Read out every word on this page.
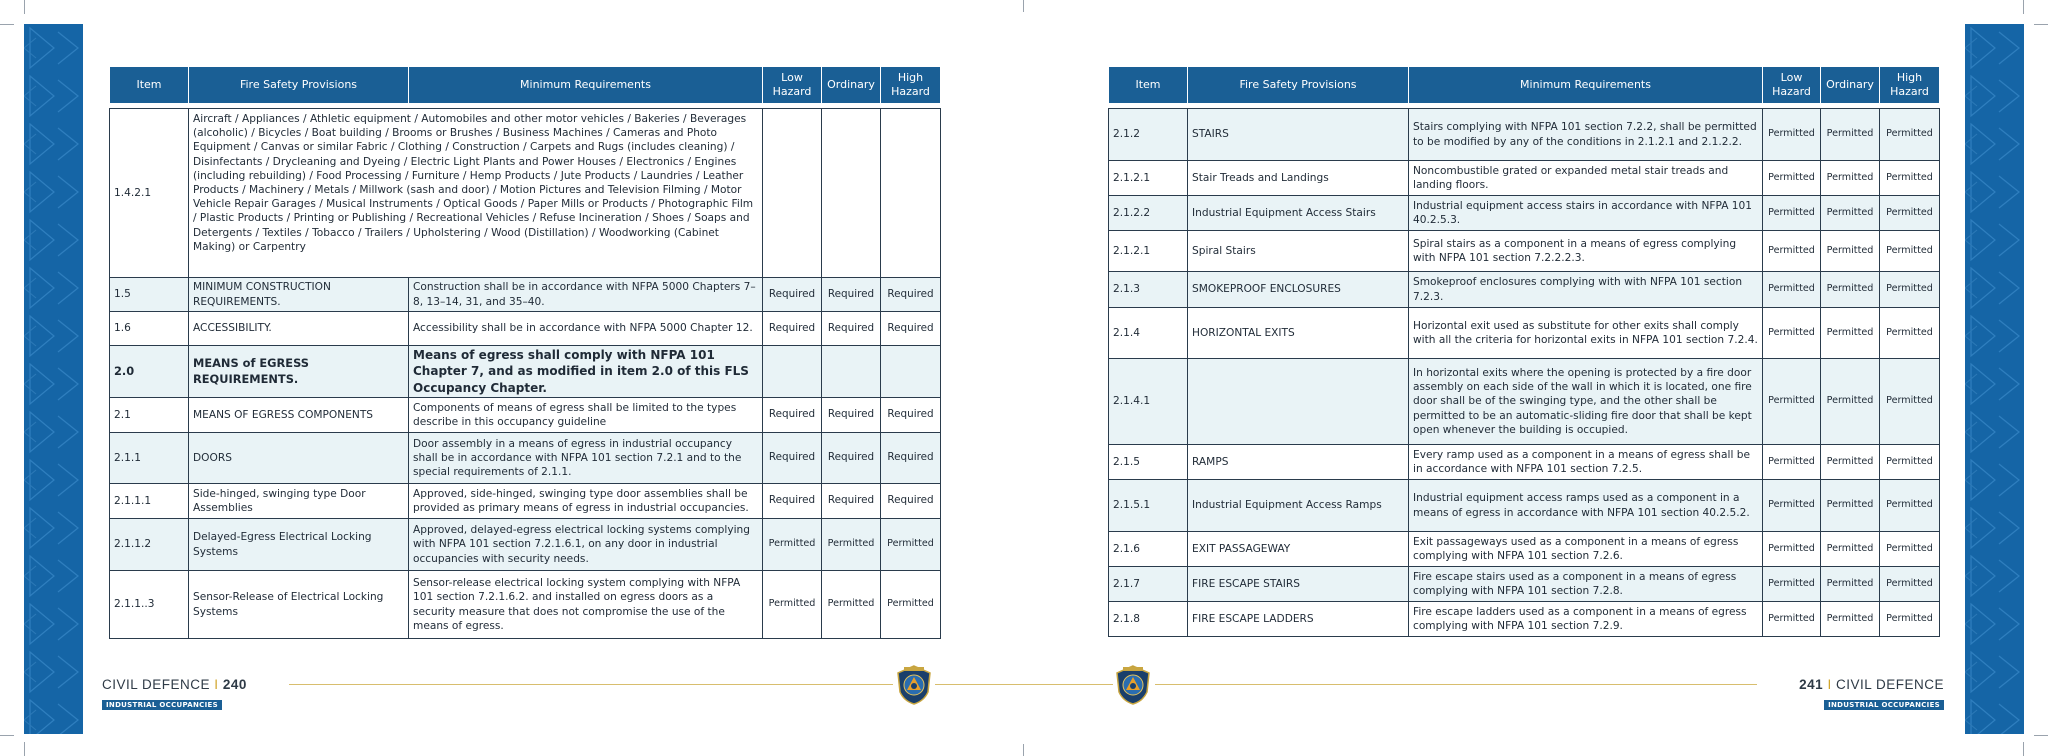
Item	Fire Safety Provisions	Minimum Requirements	Low Hazard	Ordinary	High Hazard

1.4.2.1	Aircraft / Appliances / Athletic equipment / Automobiles and other motor vehicles / Bakeries / Beverages (alcoholic) / Bicycles / Boat building / Brooms or Brushes / Business Machines / Cameras and Photo Equipment / Canvas or similar Fabric / Clothing / Construction / Carpets and Rugs (includes cleaning) / Disinfectants / Drycleaning and Dyeing / Electric Light Plants and Power Houses / Electronics / Engines (including rebuilding) / Food Processing / Furniture / Hemp Products / Jute Products / Laundries / Leather Products / Machinery / Metals / Millwork (sash and door) / Motion Pictures and Television Filming / Motor Vehicle Repair Garages / Musical Instruments / Optical Goods / Paper Mills or Products / Photographic Film / Plastic Products / Printing or Publishing / Recreational Vehicles / Refuse Incineration / Shoes / Soaps and Detergents / Textiles / Tobacco / Trailers / Upholstering / Wood (Distillation) / Woodworking (Cabinet Making) or Carpentry				
1.5	MINIMUM CONSTRUCTION REQUIREMENTS.	Construction shall be in accordance with NFPA 5000 Chapters 7–8, 13–14, 31, and 35–40.	Required	Required	Required
1.6	ACCESSIBILITY.	Accessibility shall be in accordance with NFPA 5000 Chapter 12.	Required	Required	Required
2.0	MEANS of EGRESS REQUIREMENTS.	Means of egress shall comply with NFPA 101 Chapter 7, and as modified in item 2.0 of this FLS Occupancy Chapter.			
2.1	MEANS OF EGRESS COMPONENTS	Components of means of egress shall be limited to the types describe in this occupancy guideline	Required	Required	Required
2.1.1	DOORS	Door assembly in a means of egress in industrial occupancy shall be in accordance with NFPA 101 section 7.2.1 and to the special requirements of 2.1.1.	Required	Required	Required
2.1.1.1	Side-hinged, swinging type Door Assemblies	Approved, side-hinged, swinging type door assemblies shall be provided as primary means of egress in industrial occupancies.	Required	Required	Required
2.1.1.2	Delayed-Egress Electrical Locking Systems	Approved, delayed-egress electrical locking systems complying with NFPA 101 section 7.2.1.6.1, on any door in industrial occupancies with security needs.	Permitted	Permitted	Permitted
2.1.1..3	Sensor-Release of Electrical Locking Systems	Sensor-release electrical locking system complying with NFPA 101 section 7.2.1.6.2. and installed on egress doors as a security measure that does not compromise the use of the means of egress.	Permitted	Permitted	Permitted
Item	Fire Safety Provisions	Minimum Requirements	Low Hazard	Ordinary	High Hazard

2.1.2	STAIRS	Stairs complying with NFPA 101 section 7.2.2, shall be permitted to be modified by any of the conditions in 2.1.2.1 and 2.1.2.2.	Permitted	Permitted	Permitted
2.1.2.1	Stair Treads and Landings	Noncombustible grated or expanded metal stair treads and landing floors.	Permitted	Permitted	Permitted
2.1.2.2	Industrial Equipment Access Stairs	Industrial equipment access stairs in accordance with NFPA 101 40.2.5.3.	Permitted	Permitted	Permitted
2.1.2.1	Spiral Stairs	Spiral stairs as a component in a means of egress complying with NFPA 101 section 7.2.2.2.3.	Permitted	Permitted	Permitted
2.1.3	SMOKEPROOF ENCLOSURES	Smokeproof enclosures complying with with NFPA 101 section 7.2.3.	Permitted	Permitted	Permitted
2.1.4	HORIZONTAL EXITS	Horizontal exit used as substitute for other exits shall comply with all the criteria for horizontal exits in NFPA 101 section 7.2.4.	Permitted	Permitted	Permitted
2.1.4.1		In horizontal exits where the opening is protected by a fire door assembly on each side of the wall in which it is located, one fire door shall be of the swinging type, and the other shall be permitted to be an automatic-sliding fire door that shall be kept open whenever the building is occupied.	Permitted	Permitted	Permitted
2.1.5	RAMPS	Every ramp used as a component in a means of egress shall be in accordance with NFPA 101 section 7.2.5.	Permitted	Permitted	Permitted
2.1.5.1	Industrial Equipment Access Ramps	Industrial equipment access ramps used as a component in a means of egress in accordance with NFPA 101 section 40.2.5.2.	Permitted	Permitted	Permitted
2.1.6	EXIT PASSAGEWAY	Exit passageways used as a component in a means of egress complying with NFPA 101 section 7.2.6.	Permitted	Permitted	Permitted
2.1.7	FIRE ESCAPE STAIRS	Fire escape stairs used as a component in a means of egress complying with NFPA 101 section 7.2.8.	Permitted	Permitted	Permitted
2.1.8	FIRE ESCAPE LADDERS	Fire escape ladders used as a component in a means of egress complying with NFPA 101 section 7.2.9.	Permitted	Permitted	Permitted
CIVIL DEFENCE I 240
INDUSTRIAL OCCUPANCIES
241 I CIVIL DEFENCE
INDUSTRIAL OCCUPANCIES
